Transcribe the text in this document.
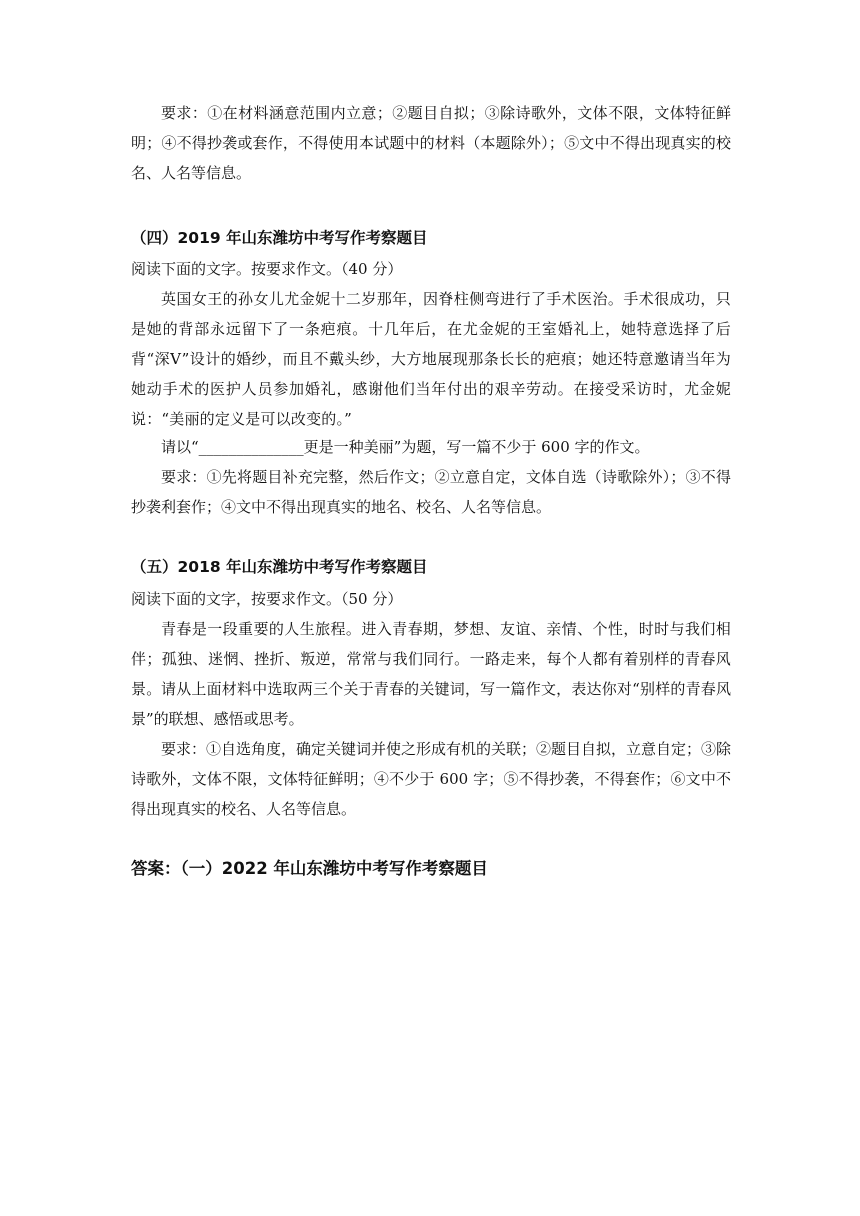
要求：①在材料涵意范围内立意；②题目自拟；③除诗歌外，文体不限，文体特征鲜明；④不得抄袭或套作，不得使用本试题中的材料（本题除外）；⑤文中不得出现真实的校名、人名等信息。

（四）2019 年山东潍坊中考写作考察题目

阅读下面的文字。按要求作文。（40 分）

英国女王的孙女儿尤金妮十二岁那年，因脊柱侧弯进行了手术医治。手术很成功，只是她的背部永远留下了一条疤痕。十几年后，在尤金妮的王室婚礼上，她特意选择了后背“深V”设计的婚纱，而且不戴头纱，大方地展现那条长长的疤痕；她还特意邀请当年为她动手术的医护人员参加婚礼，感谢他们当年付出的艰辛劳动。在接受采访时，尤金妮说：“美丽的定义是可以改变的。”

请以“______________更是一种美丽”为题，写一篇不少于 600 字的作文。

要求：①先将题目补充完整，然后作文；②立意自定，文体自选（诗歌除外）；③不得抄袭利套作；④文中不得出现真实的地名、校名、人名等信息。

（五）2018 年山东潍坊中考写作考察题目

阅读下面的文字，按要求作文。（50 分）

青春是一段重要的人生旅程。进入青春期，梦想、友谊、亲情、个性，时时与我们相伴；孤独、迷惘、挫折、叛逆，常常与我们同行。一路走来，每个人都有着别样的青春风景。 请从上面材料中选取两三个关于青春的关键词，写一篇作文，表达你对“别样的青春风景”的联想、感悟或思考。

要求：①自选角度，确定关键词并使之形成有机的关联；②题目自拟，立意自定；③除诗歌外，文体不限，文体特征鲜明；④不少于 600 字；⑤不得抄袭，不得套作；⑥文中不得出现真实的校名、人名等信息。

答案：（一）2022 年山东潍坊中考写作考察题目
